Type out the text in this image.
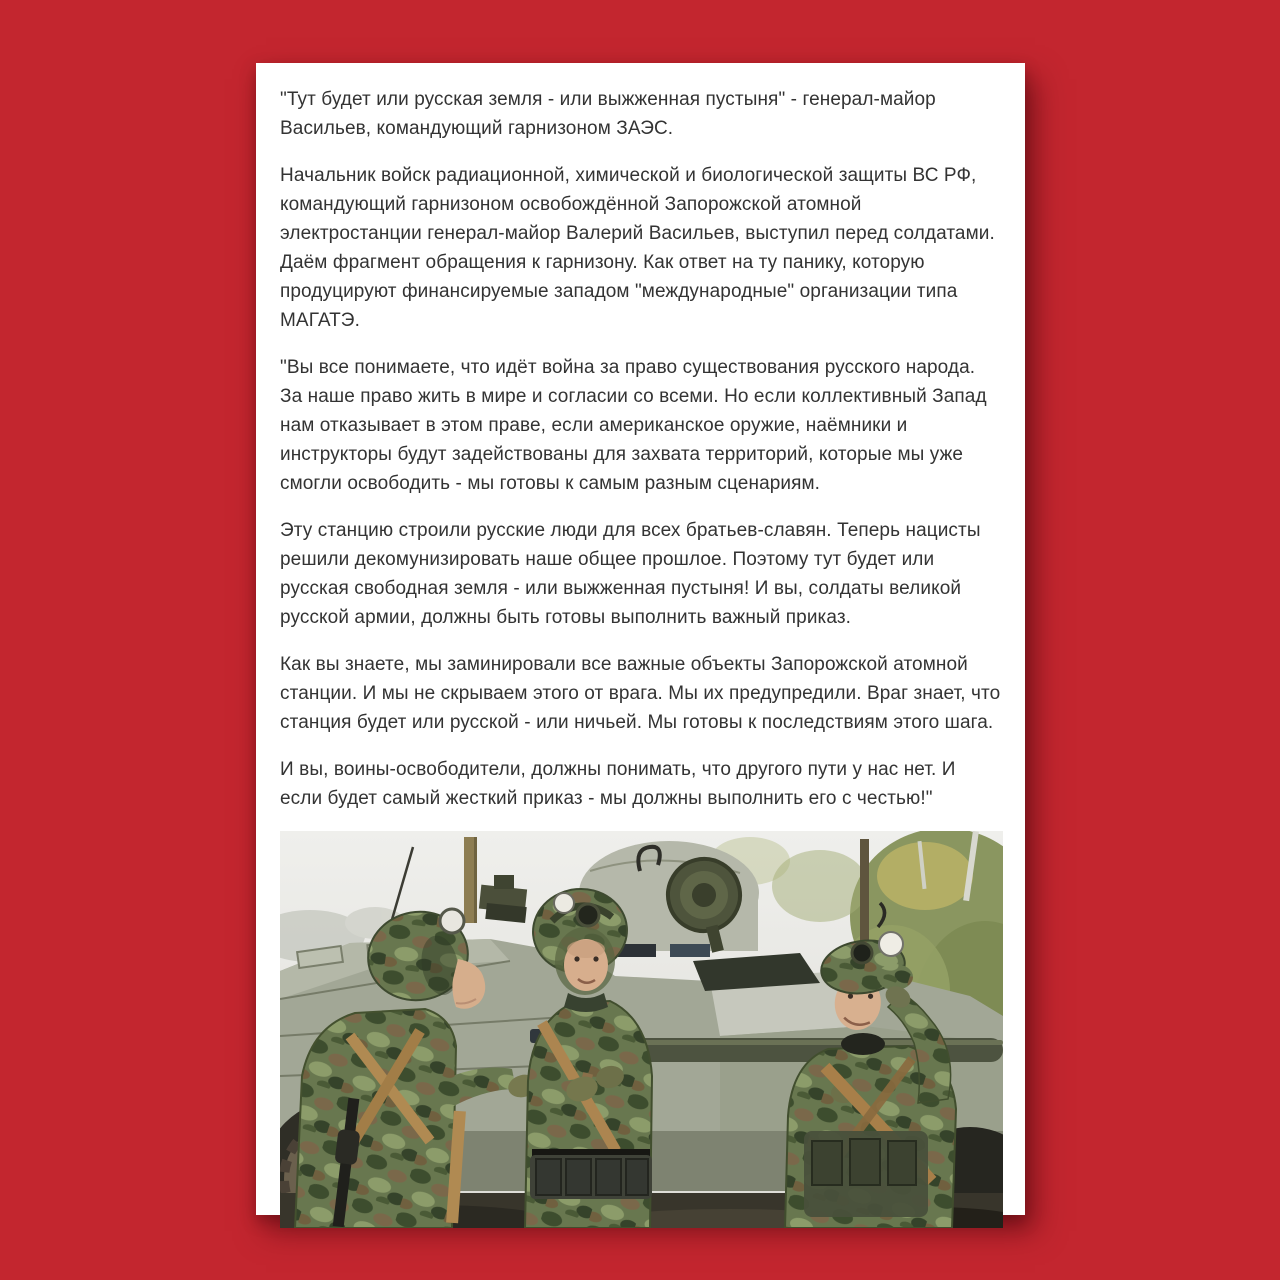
"Тут будет или русская земля - или выжженная пустыня" - генерал-майор Васильев, командующий гарнизоном ЗАЭС.

Начальник войск радиационной, химической и биологической защиты ВС РФ, командующий гарнизоном освобождённой Запорожской атомной электростанции генерал-майор Валерий Васильев, выступил перед солдатами. Даём фрагмент обращения к гарнизону. Как ответ на ту панику, которую продуцируют финансируемые западом "международные" организации типа МАГАТЭ.

"Вы все понимаете, что идёт война за право существования русского народа. За наше право жить в мире и согласии со всеми. Но если коллективный Запад нам отказывает в этом праве, если американское оружие, наёмники и инструкторы будут задействованы для захвата территорий, которые мы уже смогли освободить - мы готовы к самым разным сценариям.

Эту станцию строили русские люди для всех братьев-славян. Теперь нацисты решили декомунизировать наше общее прошлое. Поэтому тут будет или русская свободная земля - или выжженная пустыня! И вы, солдаты великой русской армии, должны быть готовы выполнить важный приказ.

Как вы знаете, мы заминировали все важные объекты Запорожской атомной станции. И мы не скрываем этого от врага. Мы их предупредили. Враг знает, что станция будет или русской - или ничьей. Мы готовы к последствиям этого шага.

И вы, воины-освободители, должны понимать, что другого пути у нас нет. И если будет самый жесткий приказ - мы должны выполнить его с честью!"
